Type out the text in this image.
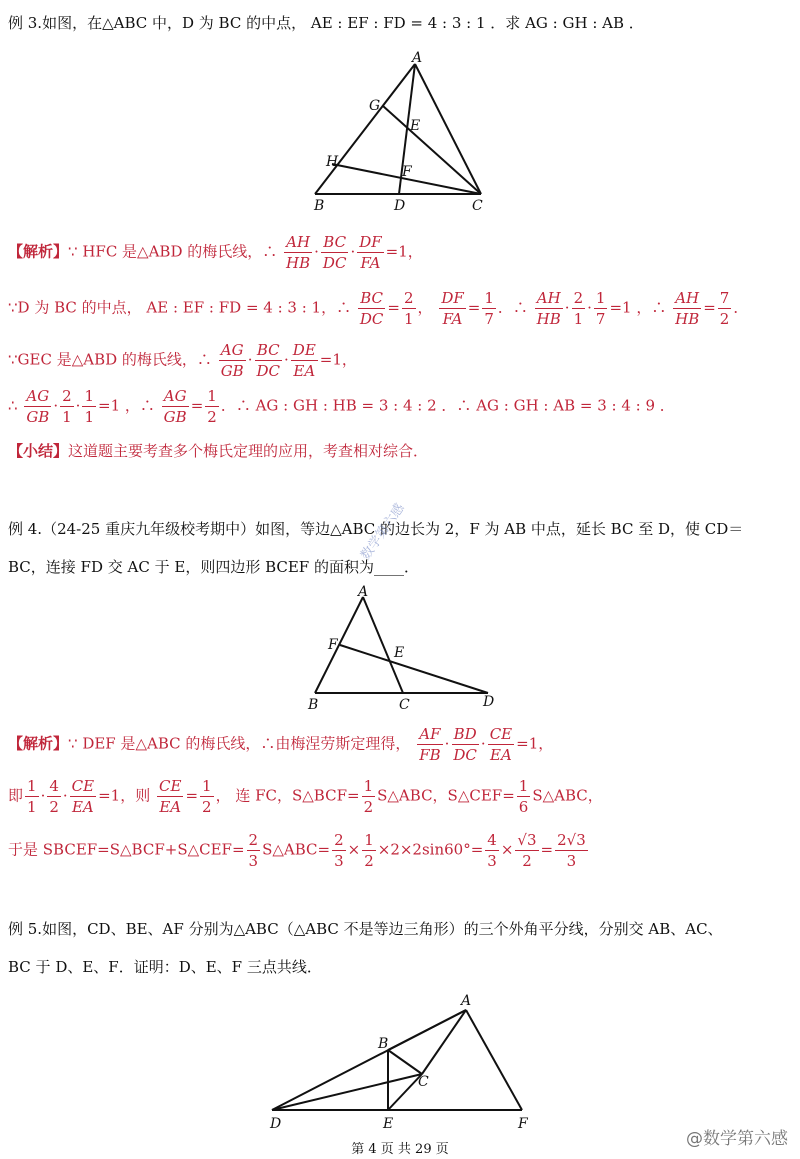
例 3.如图，在△ABC 中，D 为 BC 的中点， AE : EF : FD = 4 : 3 : 1 ．求 AG : GH : AB ．
A
G
E
H
F
B	D	C
【解析】∵ HFC 是△ABD 的梅氏线，∴ $\frac{AH}{HB} \cdot \frac{BC}{DC} \cdot \frac{DF}{FA} =1$，
∵D 为 BC 的中点， AE : EF : FD = 4 : 3 : 1，∴ $\frac{BC}{DC} = \frac{2}{1}$ ， $\frac{DF}{FA} = \frac{1}{7}$ ．∴ $\frac{AH}{HB} \cdot \frac{2}{1} \cdot \frac{1}{7} =1$ ，∴ $\frac{AH}{HB} = \frac{7}{2}$ ．
∵GEC 是△ABD 的梅氏线，∴ $\frac{AG}{GB} \cdot \frac{BC}{DC} \cdot \frac{DE}{EA} =1$，
∴ $\frac{AG}{GB} \cdot \frac{2}{1} \cdot \frac{1}{1} =1$ ，∴ $\frac{AG}{GB} = \frac{1}{2}$ ．∴ AG : GH : HB = 3 : 4 : 2 ．∴ AG : GH : AB = 3 : 4 : 9 ．
【小结】这道题主要考查多个梅氏定理的应用，考查相对综合．
例 4.（24-25 重庆九年级校考期中）如图，等边△ABC 的边长为 2，F 为 AB 中点，延长 BC 至 D，使 CD＝
BC，连接 FD 交 AC 于 E，则四边形 BCEF 的面积为____．
数学第六感
A
F	E
B	C	D
【解析】∵ DEF 是△ABC 的梅氏线，∴由梅涅劳斯定理得， $\frac{AF}{FB} \cdot \frac{BD}{DC} \cdot \frac{CE}{EA} =1$，
即 $\frac{1}{1} \cdot \frac{4}{2} \cdot \frac{CE}{EA} =1$，则 $\frac{CE}{EA} = \frac{1}{2}$ ， 连 FC，S△BCF= $\frac{1}{2}$ S△ABC，S△CEF= $\frac{1}{6}$ S△ABC，
于是 SBCEF=S△BCF+S△CEF= $\frac{2}{3}$ S△ABC= $\frac{2}{3} \times \frac{1}{2} \times 2\times 2\sin 60^\circ= \frac{4}{3} \times \frac{√3}{2} = \frac{2√3}{3}$
例 5.如图，CD、BE、AF 分别为△ABC（△ABC 不是等边三角形）的三个外角平分线，分别交 AB、AC、
BC 于 D、E、F．证明：D、E、F 三点共线．
A
B
C
D	E	F
第 4 页 共 29 页
@数学第六感
